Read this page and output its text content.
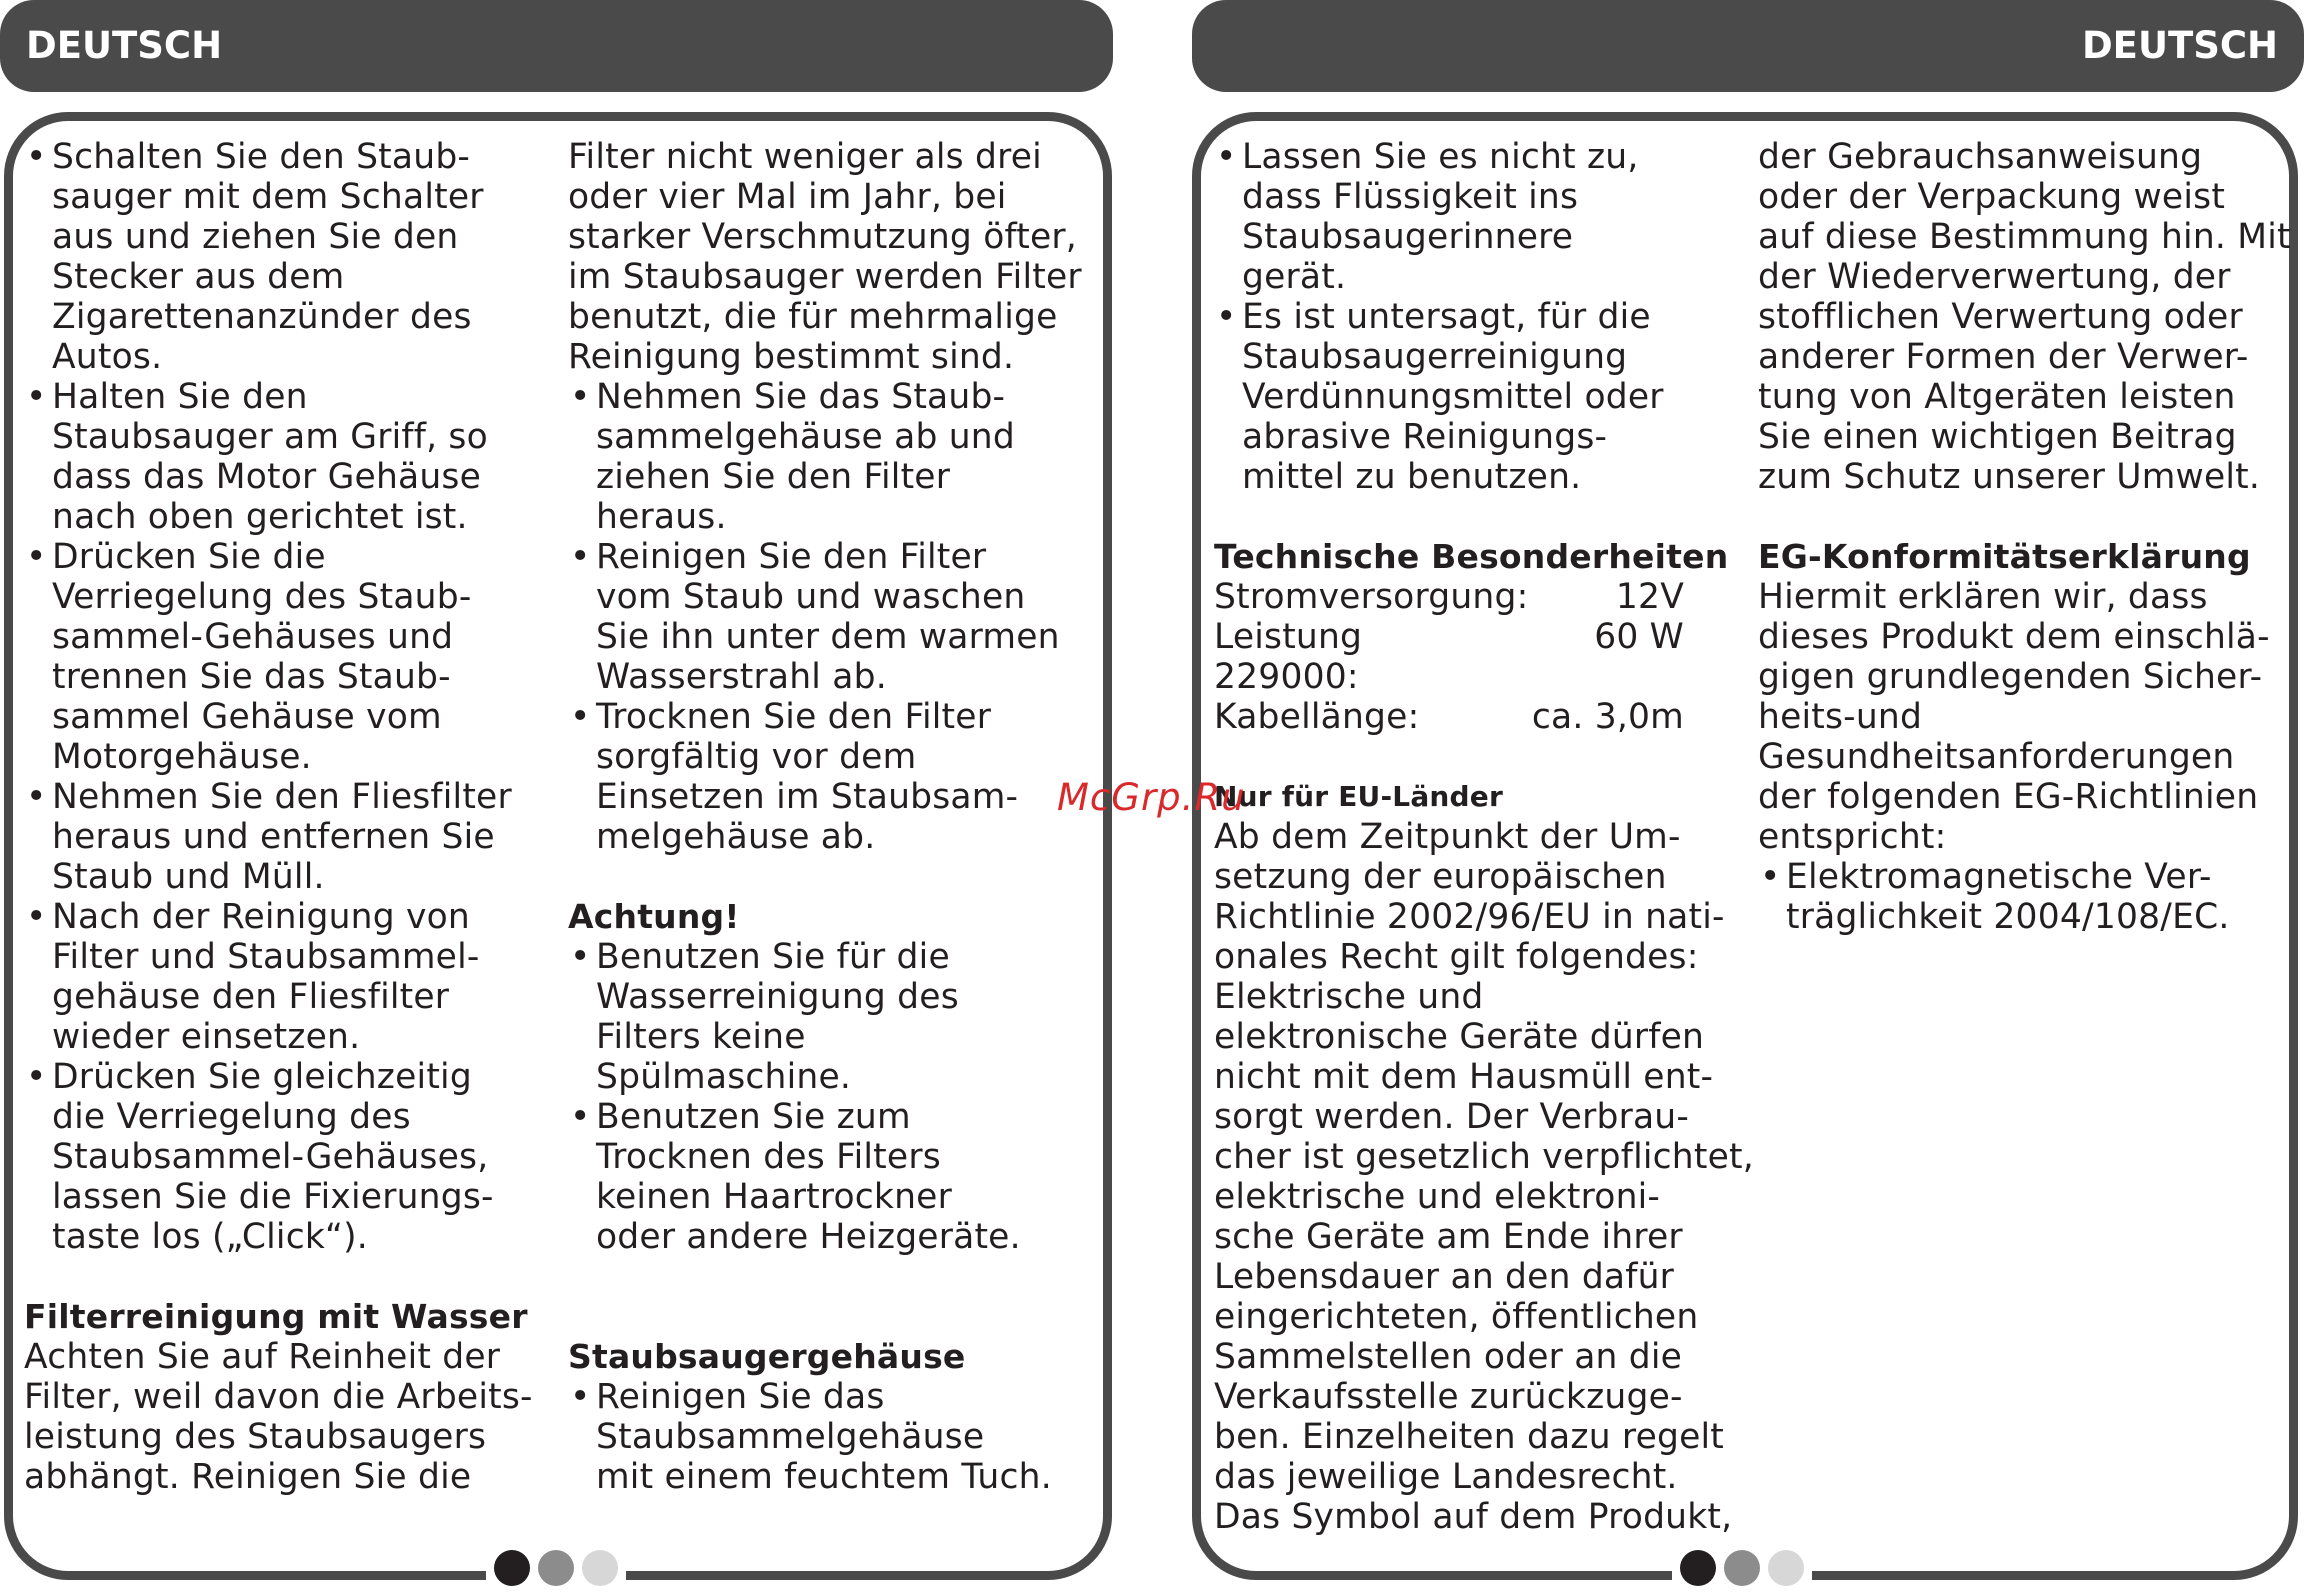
DEUTSCH	DEUTSCH
• Schalten Sie den Staub-
sauger mit dem Schalter
aus und ziehen Sie den
Stecker aus dem
Zigarettenanzünder des
Autos.
• Halten Sie den
Staubsauger am Griff, so
dass das Motor Gehäuse
nach oben gerichtet ist.
• Drücken Sie die
Verriegelung des Staub-
sammel-Gehäuses und
trennen Sie das Staub-
sammel Gehäuse vom
Motorgehäuse.
• Nehmen Sie den Fliesfilter
heraus und entfernen Sie
Staub und Müll.
• Nach der Reinigung von
Filter und Staubsammel-
gehäuse den Fliesfilter
wieder einsetzen.
• Drücken Sie gleichzeitig
die Verriegelung des
Staubsammel-Gehäuses,
lassen Sie die Fixierungs-
taste los („Click“).
Filterreinigung mit Wasser

Achten Sie auf Reinheit der
Filter, weil davon die Arbeits-
leistung des Staubsaugers
abhängt. Reinigen Sie die

Filter nicht weniger als drei
oder vier Mal im Jahr, bei
starker Verschmutzung öfter,
im Staubsauger werden Filter
benutzt, die für mehrmalige
Reinigung bestimmt sind.

• Nehmen Sie das Staub-
sammelgehäuse ab und
ziehen Sie den Filter
heraus.
• Reinigen Sie den Filter
vom Staub und waschen
Sie ihn unter dem warmen
Wasserstrahl ab.
• Trocknen Sie den Filter
sorgfältig vor dem
Einsetzen im Staubsam-
melgehäuse ab.
Achtung!
• Benutzen Sie für die
Wasserreinigung des
Filters keine
Spülmaschine.
• Benutzen Sie zum
Trocknen des Filters
keinen Haartrockner
oder andere Heizgeräte.
Staubsaugergehäuse
• Reinigen Sie das
Staubsammelgehäuse
mit einem feuchtem Tuch.
• Lassen Sie es nicht zu,
dass Flüssigkeit ins
Staubsaugerinnere
gerät.
• Es ist untersagt, für die
Staubsaugerreinigung
Verdünnungsmittel oder
abrasive Reinigungs-
mittel zu benutzen.
Technische Besonderheiten
Stromversorgung:	12V
Leistung 229000:
60 W
Kabellänge:	ca. 3,0m
Nur für EU-Länder

Ab dem Zeitpunkt der Um-
setzung der europäischen
Richtlinie 2002/96/EU in nati-
onales Recht gilt folgendes:
Elektrische und
elektronische Geräte dürfen
nicht mit dem Hausmüll ent-
sorgt werden. Der Verbrau-
cher ist gesetzlich verpflichtet,
elektrische und elektroni-
sche Geräte am Ende ihrer
Lebensdauer an den dafür
eingerichteten, öffentlichen
Sammelstellen oder an die
Verkaufsstelle zurückzuge-
ben. Einzelheiten dazu regelt
das jeweilige Landesrecht.
Das Symbol auf dem Produkt,

der Gebrauchsanweisung
oder der Verpackung weist
auf diese Bestimmung hin. Mit
der Wiederverwertung, der
stofflichen Verwertung oder
anderer Formen der Verwer-
tung von Altgeräten leisten
Sie einen wichtigen Beitrag
zum Schutz unserer Umwelt.

EG-Konformitätserklärung

Hiermit erklären wir, dass
dieses Produkt dem einschlä-
gigen grundlegenden Sicher-
heits-und
Gesundheitsanforderungen
der folgenden EG-Richtlinien
entspricht:

• Elektromagnetische Ver-
träglichkeit 2004/108/EC.
McGrp.Ru
